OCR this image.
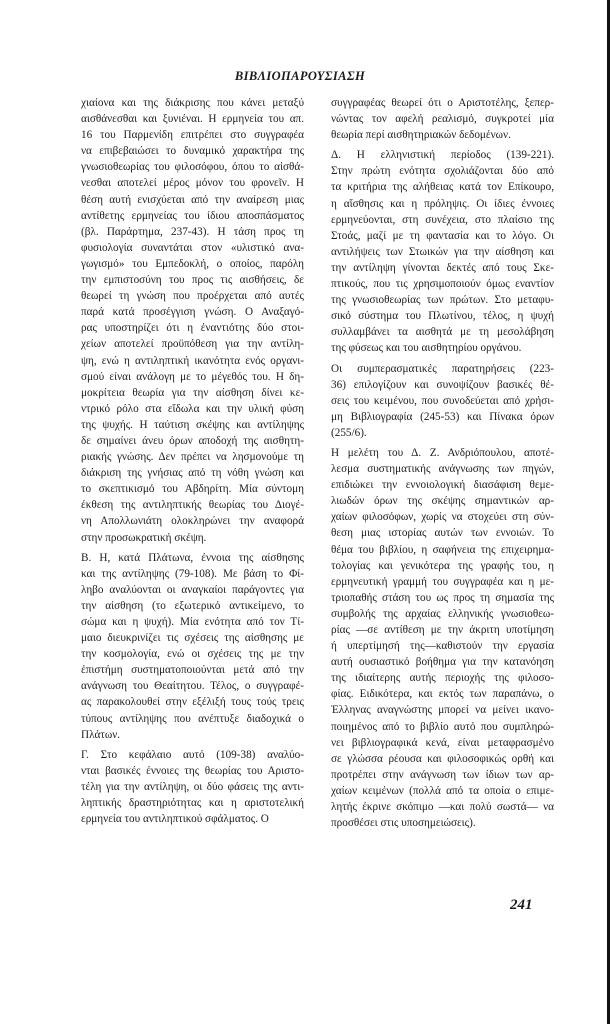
ΒΙΒΛΙΟΠΑΡΟΥΣΙΑΣΗ
χιαίονα και της διάκρισης που κάνει μεταξύ
αισθάνεσθαι και ξυνιέναι. Η ερμηνεία του απ.
16 του Παρμενίδη επιτρέπει στο συγγραφέα
να επιβεβαιώσει το δυναμικό χαρακτήρα της
γνωσιοθεωρίας του φιλοσόφου, όπου το αἰσθά-
νεσθαι αποτελεί μέρος μόνον του φρονεῖν. Η
θέση αυτή ενισχύεται από την αναίρεση μιας
αντίθετης ερμηνείας του ίδιου αποσπάσματος
(βλ. Παράρτημα, 237-43). Η τάση προς τη
φυσιολογία συναντάται στον «υλιστικό ανα-
γωγισμό» του Εμπεδοκλή, ο οποίος, παρόλη
την εμπιστοσύνη του προς τις αισθήσεις, δε
θεωρεί τη γνώση που προέρχεται από αυτές
παρά κατά προσέγγιση γνώση. Ο Αναξαγό-
ρας υποστηρίζει ότι η ἐναντιότης δύο στοι-
χείων αποτελεί προϋπόθεση για την αντίλη-
ψη, ενώ η αντιληπτική ικανότητα ενός οργανι-
σμού είναι ανάλογη με το μέγεθός του. Η δη-
μοκρίτεια θεωρία για την αίσθηση δίνει κε-
ντρικό ρόλο στα εἴδωλα και την υλική φύση
της ψυχής. Η ταύτιση σκέψης και αντίληψης
δε σημαίνει άνευ όρων αποδοχή της αισθητη-
ριακής γνώσης. Δεν πρέπει να λησμονούμε τη
διάκριση της γνήσιας από τη νόθη γνώση και
το σκεπτικισμό του Αβδηρίτη. Μία σύντομη
έκθεση της αντιληπτικής θεωρίας του Διογέ-
νη Απολλωνιάτη ολοκληρώνει την αναφορά
στην προσωκρατική σκέψη.
Β. Η, κατά Πλάτωνα, έννοια της αίσθησης
και της αντίληψης (79-108). Με βάση το Φί-
ληβο αναλύονται οι αναγκαίοι παράγοντες για
την αίσθηση (το εξωτερικό αντικείμενο, το
σώμα και η ψυχή). Μία ενότητα από τον Τί-
μαιο διευκρινίζει τις σχέσεις της αίσθησης με
την κοσμολογία, ενώ οι σχέσεις της με την
ἐπιστήμη συστηματοποιούνται μετά από την
ανάγνωση του Θεαίτητου. Τέλος, ο συγγραφέ-
ας παρακολουθεί στην εξέλιξή τους τούς τρεις
τύπους αντίληψης που ανέπτυξε διαδοχικά ο
Πλάτων.
Γ. Στο κεφάλαιο αυτό (109-38) αναλύο-
νται βασικές έννοιες της θεωρίας του Αριστο-
τέλη για την αντίληψη, οι δύο φάσεις της αντι-
ληπτικής δραστηριότητας και η αριστοτελική
ερμηνεία του αντιληπτικού σφάλματος. Ο
συγγραφέας θεωρεί ότι ο Αριστοτέλης, ξεπερ-
νώντας τον αφελή ρεαλισμό, συγκροτεί μία
θεωρία περί αισθητηριακών δεδομένων.
Δ. Η ελληνιστική περίοδος (139-221).
Στην πρώτη ενότητα σχολιάζονται δύο από
τα κριτήρια της αλήθειας κατά τον Επίκουρο,
η αἴσθησις και η πρόληψις. Οι ίδιες έννοιες
ερμηνεύονται, στη συνέχεια, στο πλαίσιο της
Στοάς, μαζί με τη φαντασία και το λόγο. Οι
αντιλήψεις των Στωικών για την αίσθηση και
την αντίληψη γίνονται δεκτές από τους Σκε-
πτικούς, που τις χρησιμοποιούν όμως εναντίον
της γνωσιοθεωρίας των πρώτων. Στο μεταφυ-
σικό σύστημα του Πλωτίνου, τέλος, η ψυχή
συλλαμβάνει τα αισθητά με τη μεσολάβηση
της φύσεως και του αισθητηρίου οργάνου.
Οι συμπερασματικές παρατηρήσεις (223-
36) επιλογίζουν και συνοψίζουν βασικές θέ-
σεις του κειμένου, που συνοδεύεται από χρήσι-
μη Βιβλιογραφία (245-53) και Πίνακα όρων
(255/6).
Η μελέτη του Δ. Ζ. Ανδριόπουλου, αποτέ-
λεσμα συστηματικής ανάγνωσης των πηγών,
επιδιώκει την εννοιολογική διασάφιση θεμε-
λιωδών όρων της σκέψης σημαντικών αρ-
χαίων φιλοσόφων, χωρίς να στοχεύει στη σύν-
θεση μιας ιστορίας αυτών των εννοιών. Το
θέμα του βιβλίου, η σαφήνεια της επιχειρημα-
τολογίας και γενικότερα της γραφής του, η
ερμηνευτική γραμμή του συγγραφέα και η με-
τριοπαθής στάση του ως προς τη σημασία της
συμβολής της αρχαίας ελληνικής γνωσιοθεω-
ρίας —σε αντίθεση με την άκριτη υποτίμηση
ή υπερτίμησή της—καθιστούν την εργασία
αυτή ουσιαστικό βοήθημα για την κατανόηση
της ιδιαίτερης αυτής περιοχής της φιλοσο-
φίας. Ειδικότερα, και εκτός των παραπάνω, ο
Έλληνας αναγνώστης μπορεί να μείνει ικανο-
ποιημένος από το βιβλίο αυτό που συμπληρώ-
νει βιβλιογραφικά κενά, είναι μεταφρασμένο
σε γλώσσα ρέουσα και φιλοσοφικώς ορθή και
προτρέπει στην ανάγνωση των ίδιων των αρ-
χαίων κειμένων (πολλά από τα οποία ο επιμε-
λητής έκρινε σκόπιμο —και πολύ σωστά— να
προσθέσει στις υποσημειώσεις).
241
